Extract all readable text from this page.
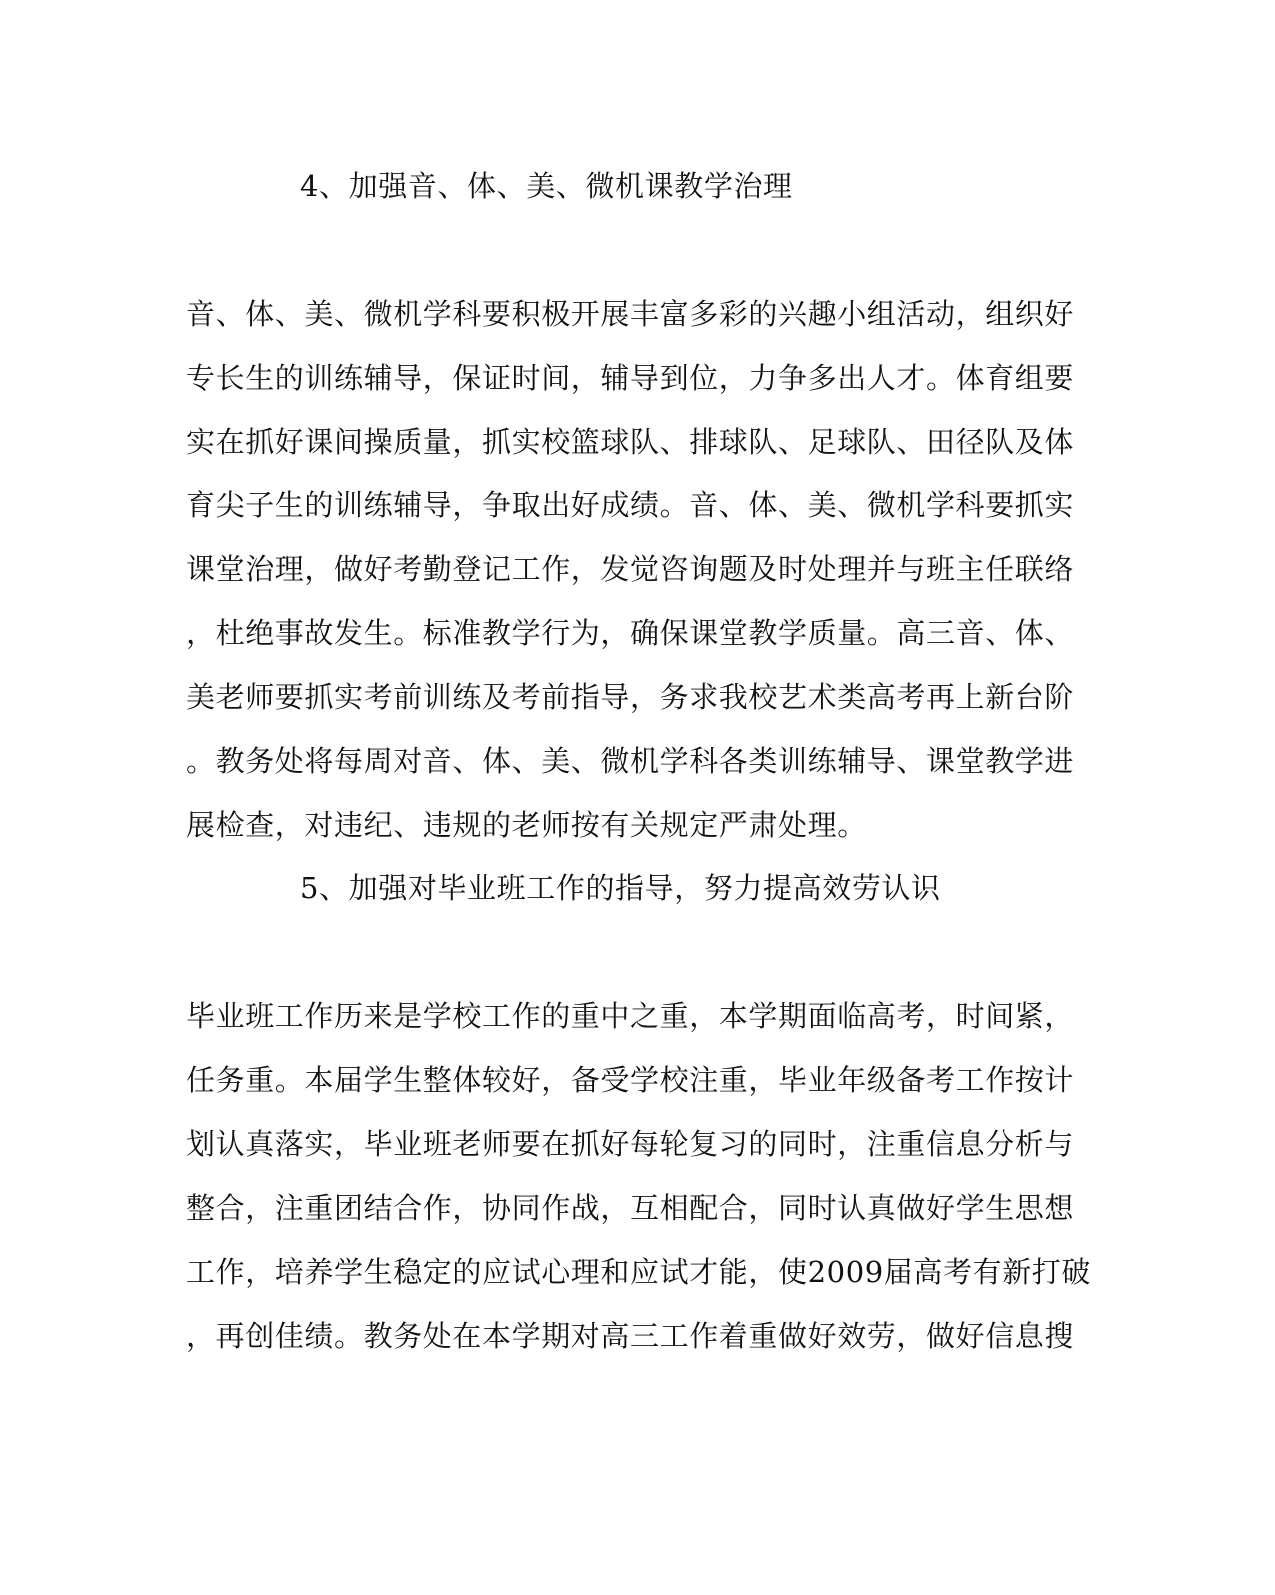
4、加强音、体、美、微机课教学治理
音、体、美、微机学科要积极开展丰富多彩的兴趣小组活动，组织好
专长生的训练辅导，保证时间，辅导到位，力争多出人才。体育组要
实在抓好课间操质量，抓实校篮球队、排球队、足球队、田径队及体
育尖子生的训练辅导，争取出好成绩。音、体、美、微机学科要抓实
课堂治理，做好考勤登记工作，发觉咨询题及时处理并与班主任联络
，杜绝事故发生。标准教学行为，确保课堂教学质量。高三音、体、
美老师要抓实考前训练及考前指导，务求我校艺术类高考再上新台阶
。教务处将每周对音、体、美、微机学科各类训练辅导、课堂教学进
展检查，对违纪、违规的老师按有关规定严肃处理。
5、加强对毕业班工作的指导，努力提高效劳认识
毕业班工作历来是学校工作的重中之重，本学期面临高考，时间紧，
任务重。本届学生整体较好，备受学校注重，毕业年级备考工作按计
划认真落实，毕业班老师要在抓好每轮复习的同时，注重信息分析与
整合，注重团结合作，协同作战，互相配合，同时认真做好学生思想
工作，培养学生稳定的应试心理和应试才能，使2009届高考有新打破
，再创佳绩。教务处在本学期对高三工作着重做好效劳，做好信息搜
